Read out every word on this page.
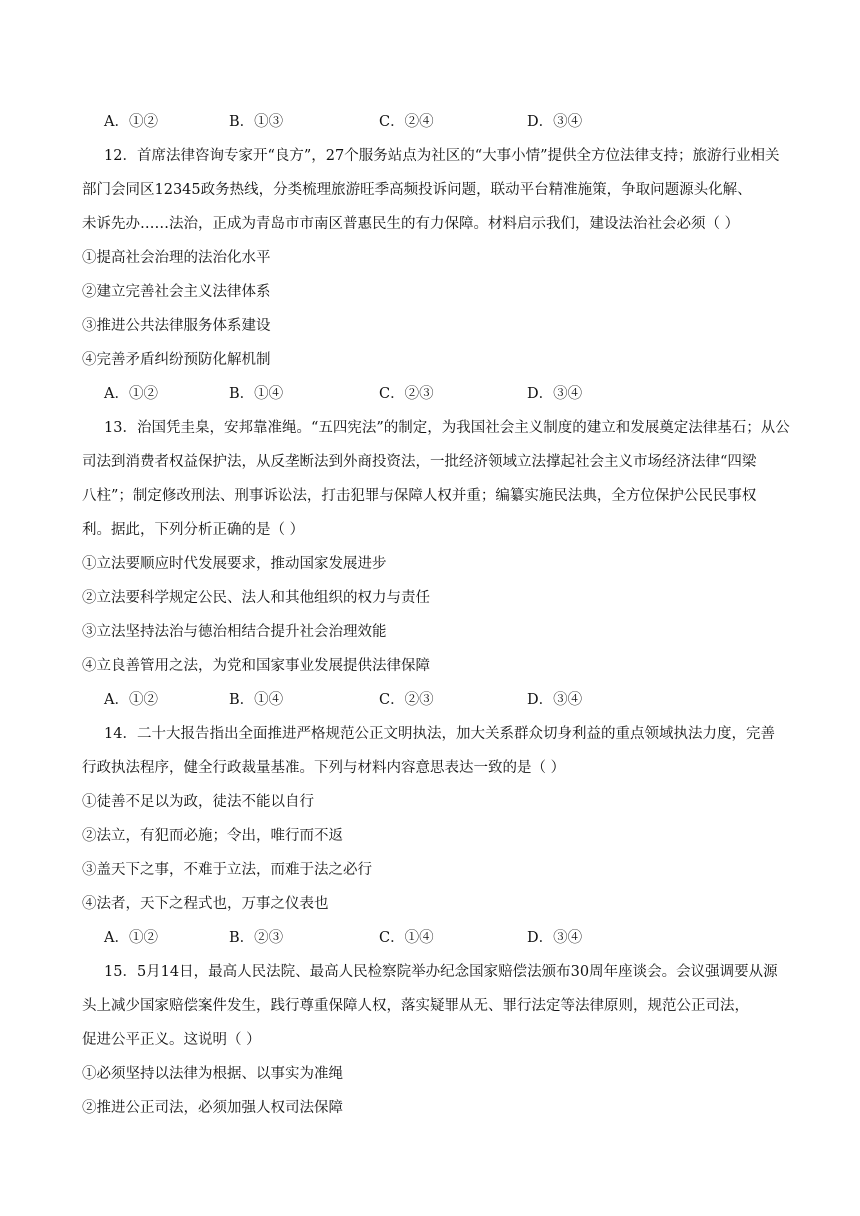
A．①②	B．①③	C．②④	D．③④
12．首席法律咨询专家开“良方”，27个服务站点为社区的“大事小情”提供全方位法律支持；旅游行业相关
部门会同区12345政务热线，分类梳理旅游旺季高频投诉问题，联动平台精准施策，争取问题源头化解、
未诉先办……法治，正成为青岛市市南区普惠民生的有力保障。材料启示我们，建设法治社会必须（ ）
①提高社会治理的法治化水平
②建立完善社会主义法律体系
③推进公共法律服务体系建设
④完善矛盾纠纷预防化解机制
A．①②	B．①④	C．②③	D．③④
13．治国凭圭臬，安邦靠准绳。“五四宪法”的制定，为我国社会主义制度的建立和发展奠定法律基石；从公
司法到消费者权益保护法，从反垄断法到外商投资法，一批经济领域立法撑起社会主义市场经济法律“四梁
八柱”；制定修改刑法、刑事诉讼法，打击犯罪与保障人权并重；编纂实施民法典，全方位保护公民民事权
利。据此，下列分析正确的是（ ）
①立法要顺应时代发展要求，推动国家发展进步
②立法要科学规定公民、法人和其他组织的权力与责任
③立法坚持法治与德治相结合提升社会治理效能
④立良善管用之法，为党和国家事业发展提供法律保障
A．①②	B．①④	C．②③	D．③④
14．二十大报告指出全面推进严格规范公正文明执法，加大关系群众切身利益的重点领域执法力度，完善
行政执法程序，健全行政裁量基准。下列与材料内容意思表达一致的是（ ）
①徒善不足以为政，徒法不能以自行
②法立，有犯而必施；令出，唯行而不返
③盖天下之事，不难于立法，而难于法之必行
④法者，天下之程式也，万事之仪表也
A．①②	B．②③	C．①④	D．③④
15．5月14日，最高人民法院、最高人民检察院举办纪念国家赔偿法颁布30周年座谈会。会议强调要从源
头上减少国家赔偿案件发生，践行尊重保障人权，落实疑罪从无、罪行法定等法律原则，规范公正司法，
促进公平正义。这说明（ ）
①必须坚持以法律为根据、以事实为准绳
②推进公正司法，必须加强人权司法保障
